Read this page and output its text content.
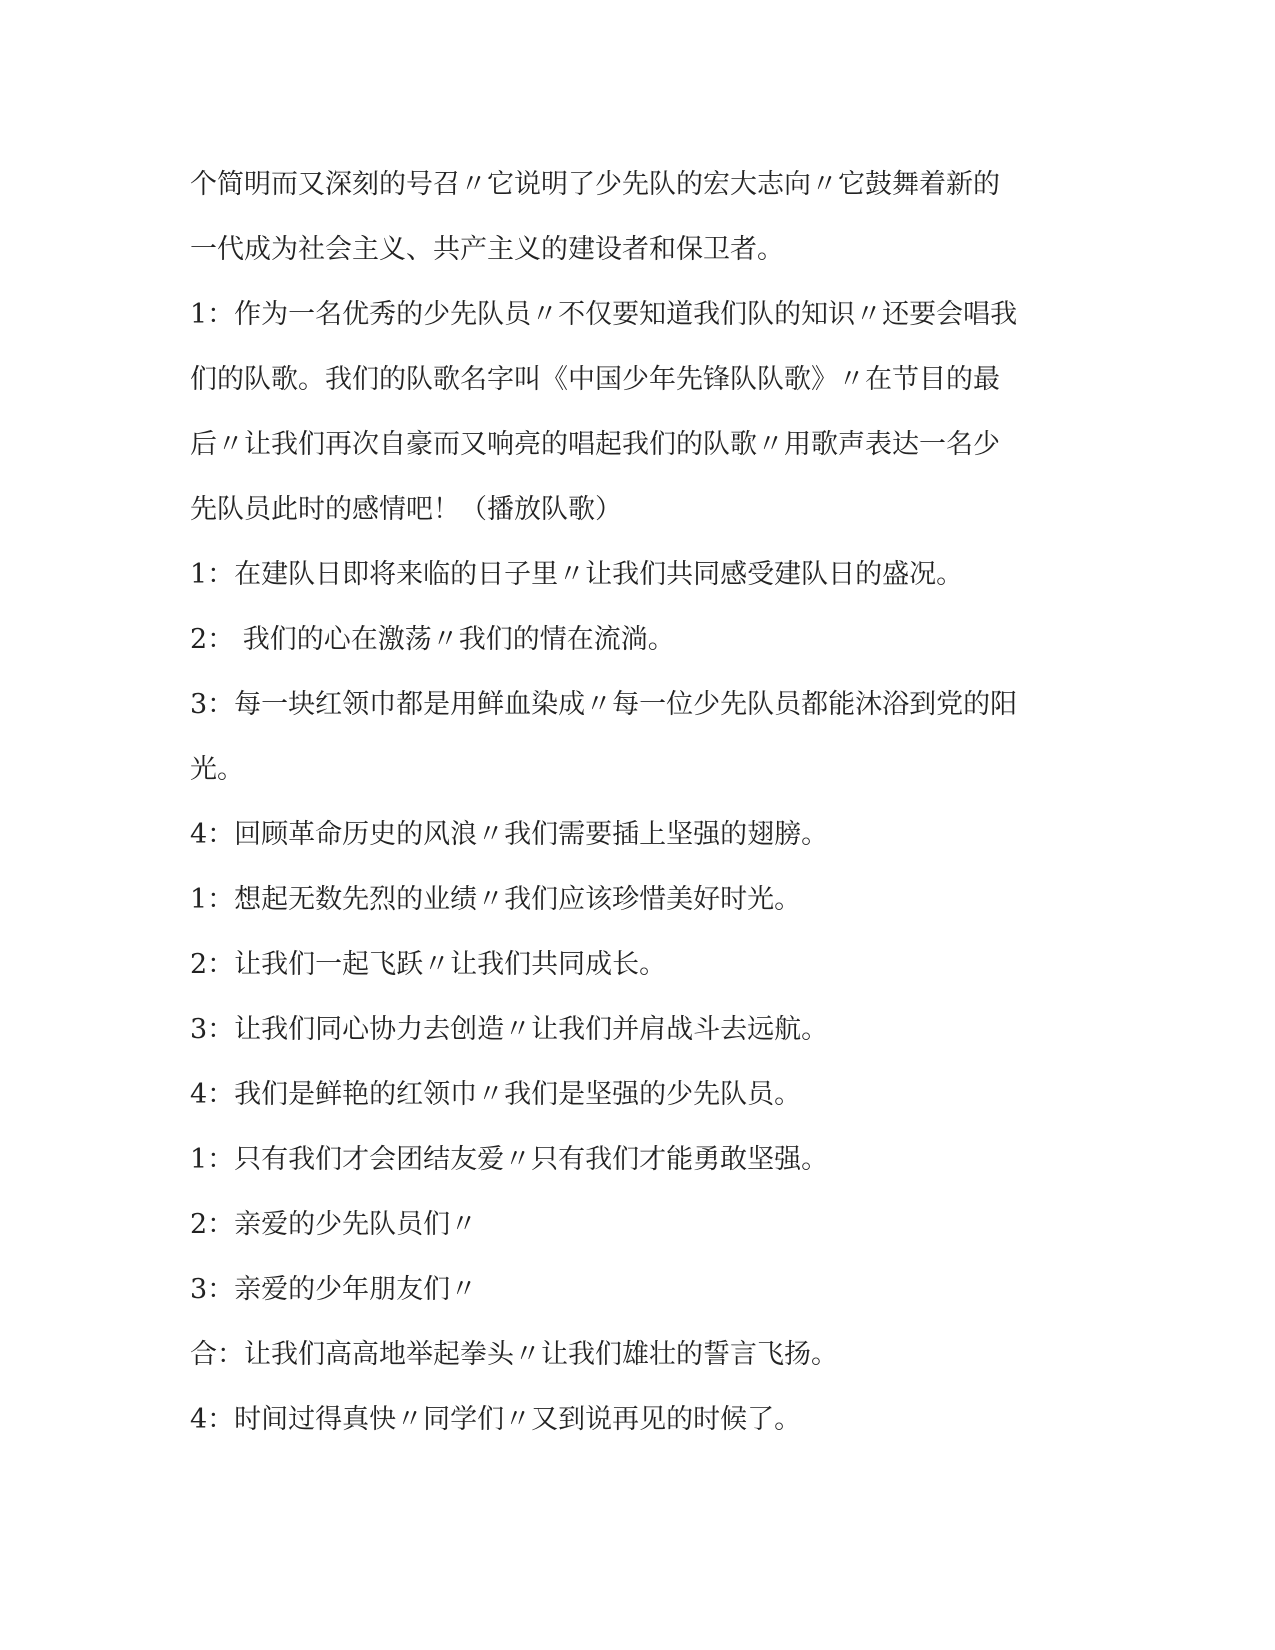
个简明而又深刻的号召〃它说明了少先队的宏大志向〃它鼓舞着新的

一代成为社会主义、共产主义的建设者和保卫者。

1：作为一名优秀的少先队员〃不仅要知道我们队的知识〃还要会唱我

们的队歌。我们的队歌名字叫《中国少年先锋队队歌》〃在节目的最

后〃让我们再次自豪而又响亮的唱起我们的队歌〃用歌声表达一名少

先队员此时的感情吧！（播放队歌）

1：在建队日即将来临的日子里〃让我们共同感受建队日的盛况。

2： 我们的心在激荡〃我们的情在流淌。

3：每一块红领巾都是用鲜血染成〃每一位少先队员都能沐浴到党的阳

光。

4：回顾革命历史的风浪〃我们需要插上坚强的翅膀。

1：想起无数先烈的业绩〃我们应该珍惜美好时光。

2：让我们一起飞跃〃让我们共同成长。

3：让我们同心协力去创造〃让我们并肩战斗去远航。

4：我们是鲜艳的红领巾〃我们是坚强的少先队员。

1：只有我们才会团结友爱〃只有我们才能勇敢坚强。

2：亲爱的少先队员们〃

3：亲爱的少年朋友们〃

合：让我们高高地举起拳头〃让我们雄壮的誓言飞扬。

4：时间过得真快〃同学们〃又到说再见的时候了。
